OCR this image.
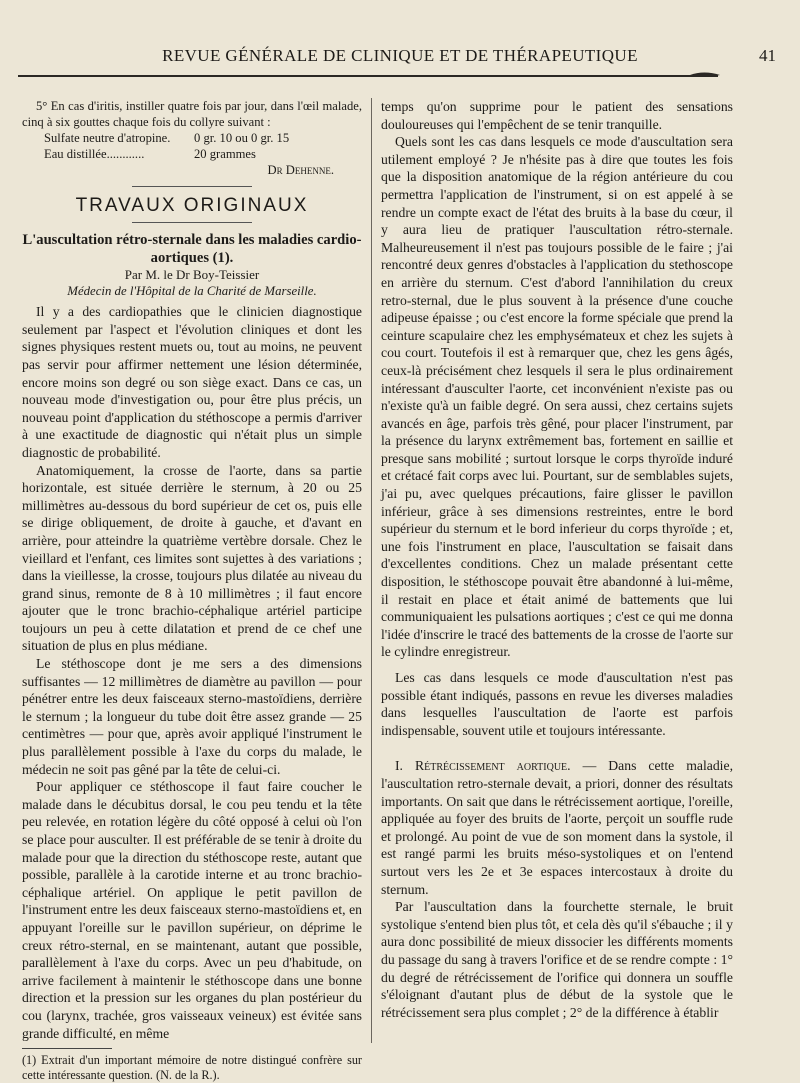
REVUE GÉNÉRALE DE CLINIQUE ET DE THÉRAPEUTIQUE	41

5° En cas d'iritis, instiller quatre fois par jour, dans l'œil malade, cinq à six gouttes chaque fois du collyre suivant :

Sulfate neutre d'atropine.	0 gr. 10 ou 0 gr. 15
Eau distillée............	20 grammes
Dr Dehenne.
TRAVAUX ORIGINAUX
L'auscultation rétro-sternale dans les maladies cardio-aortiques (1).
Par M. le Dr Boy-Teissier
Médecin de l'Hôpital de la Charité de Marseille.

Il y a des cardiopathies que le clinicien diagnostique seulement par l'aspect et l'évolution cliniques et dont les signes physiques restent muets ou, tout au moins, ne peuvent pas servir pour affirmer nettement une lésion déterminée, encore moins son degré ou son siège exact. Dans ce cas, un nouveau mode d'investigation ou, pour être plus précis, un nouveau point d'application du stéthoscope a permis d'arriver à une exactitude de diagnostic qui n'était plus un simple diagnostic de probabilité.

Anatomiquement, la crosse de l'aorte, dans sa partie horizontale, est située derrière le sternum, à 20 ou 25 millimètres au-dessous du bord supérieur de cet os, puis elle se dirige obliquement, de droite à gauche, et d'avant en arrière, pour atteindre la quatrième vertèbre dorsale. Chez le vieillard et l'enfant, ces limites sont sujettes à des variations ; dans la vieillesse, la crosse, toujours plus dilatée au niveau du grand sinus, remonte de 8 à 10 millimètres ; il faut encore ajouter que le tronc brachio-céphalique artériel participe toujours un peu à cette dilatation et prend de ce chef une situation de plus en plus médiane.

Le stéthoscope dont je me sers a des dimensions suffisantes — 12 millimètres de diamètre au pavillon — pour pénétrer entre les deux faisceaux sterno-mastoïdiens, derrière le sternum ; la longueur du tube doit être assez grande — 25 centimètres — pour que, après avoir appliqué l'instrument le plus parallèlement possible à l'axe du corps du malade, le médecin ne soit pas gêné par la tête de celui-ci.

Pour appliquer ce stéthoscope il faut faire coucher le malade dans le décubitus dorsal, le cou peu tendu et la tête peu relevée, en rotation légère du côté opposé à celui où l'on se place pour ausculter. Il est préférable de se tenir à droite du malade pour que la direction du stéthoscope reste, autant que possible, parallèle à la carotide interne et au tronc brachio-céphalique artériel. On applique le petit pavillon de l'instrument entre les deux faisceaux sterno-mastoïdiens et, en appuyant l'oreille sur le pavillon supérieur, on déprime le creux rétro-sternal, en se maintenant, autant que possible, parallèlement à l'axe du corps. Avec un peu d'habitude, on arrive facilement à maintenir le stéthoscope dans une bonne direction et la pression sur les organes du plan postérieur du cou (larynx, trachée, gros vaisseaux veineux) est évitée sans grande difficulté, en même

(1) Extrait d'un important mémoire de notre distingué confrère sur cette intéressante question. (N. de la R.).

temps qu'on supprime pour le patient des sensations douloureuses qui l'empêchent de se tenir tranquille.

Quels sont les cas dans lesquels ce mode d'auscultation sera utilement employé ? Je n'hésite pas à dire que toutes les fois que la disposition anatomique de la région antérieure du cou permettra l'application de l'instrument, si on est appelé à se rendre un compte exact de l'état des bruits à la base du cœur, il y aura lieu de pratiquer l'auscultation rétro-sternale. Malheureusement il n'est pas toujours possible de le faire ; j'ai rencontré deux genres d'obstacles à l'application du stethoscope en arrière du sternum. C'est d'abord l'annihilation du creux retro-sternal, due le plus souvent à la présence d'une couche adipeuse épaisse ; ou c'est encore la forme spéciale que prend la ceinture scapulaire chez les emphysémateux et chez les sujets à cou court. Toutefois il est à remarquer que, chez les gens âgés, ceux-là précisément chez lesquels il sera le plus ordinairement intéressant d'ausculter l'aorte, cet inconvénient n'existe pas ou n'existe qu'à un faible degré. On sera aussi, chez certains sujets avancés en âge, parfois très gêné, pour placer l'instrument, par la présence du larynx extrêmement bas, fortement en saillie et presque sans mobilité ; surtout lorsque le corps thyroïde induré et crétacé fait corps avec lui. Pourtant, sur de semblables sujets, j'ai pu, avec quelques précautions, faire glisser le pavillon inférieur, grâce à ses dimensions restreintes, entre le bord supérieur du sternum et le bord inferieur du corps thyroïde ; et, une fois l'instrument en place, l'auscultation se faisait dans d'excellentes conditions. Chez un malade présentant cette disposition, le stéthoscope pouvait être abandonné à lui-même, il restait en place et était animé de battements que lui communiquaient les pulsations aortiques ; c'est ce qui me donna l'idée d'inscrire le tracé des battements de la crosse de l'aorte sur le cylindre enregistreur.

Les cas dans lesquels ce mode d'auscultation n'est pas possible étant indiqués, passons en revue les diverses maladies dans lesquelles l'auscultation de l'aorte est parfois indispensable, souvent utile et toujours intéressante.

I. Rétrécissement aortique. — Dans cette maladie, l'auscultation retro-sternale devait, a priori, donner des résultats importants. On sait que dans le rétrécissement aortique, l'oreille, appliquée au foyer des bruits de l'aorte, perçoit un souffle rude et prolongé. Au point de vue de son moment dans la systole, il est rangé parmi les bruits méso-systoliques et on l'entend surtout vers les 2e et 3e espaces intercostaux à droite du sternum.

Par l'auscultation dans la fourchette sternale, le bruit systolique s'entend bien plus tôt, et cela dès qu'il s'ébauche ; il y aura donc possibilité de mieux dissocier les différents moments du passage du sang à travers l'orifice et de se rendre compte : 1° du degré de rétrécissement de l'orifice qui donnera un souffle s'éloignant d'autant plus de début de la systole que le rétrécissement sera plus complet ; 2° de la différence à établir
